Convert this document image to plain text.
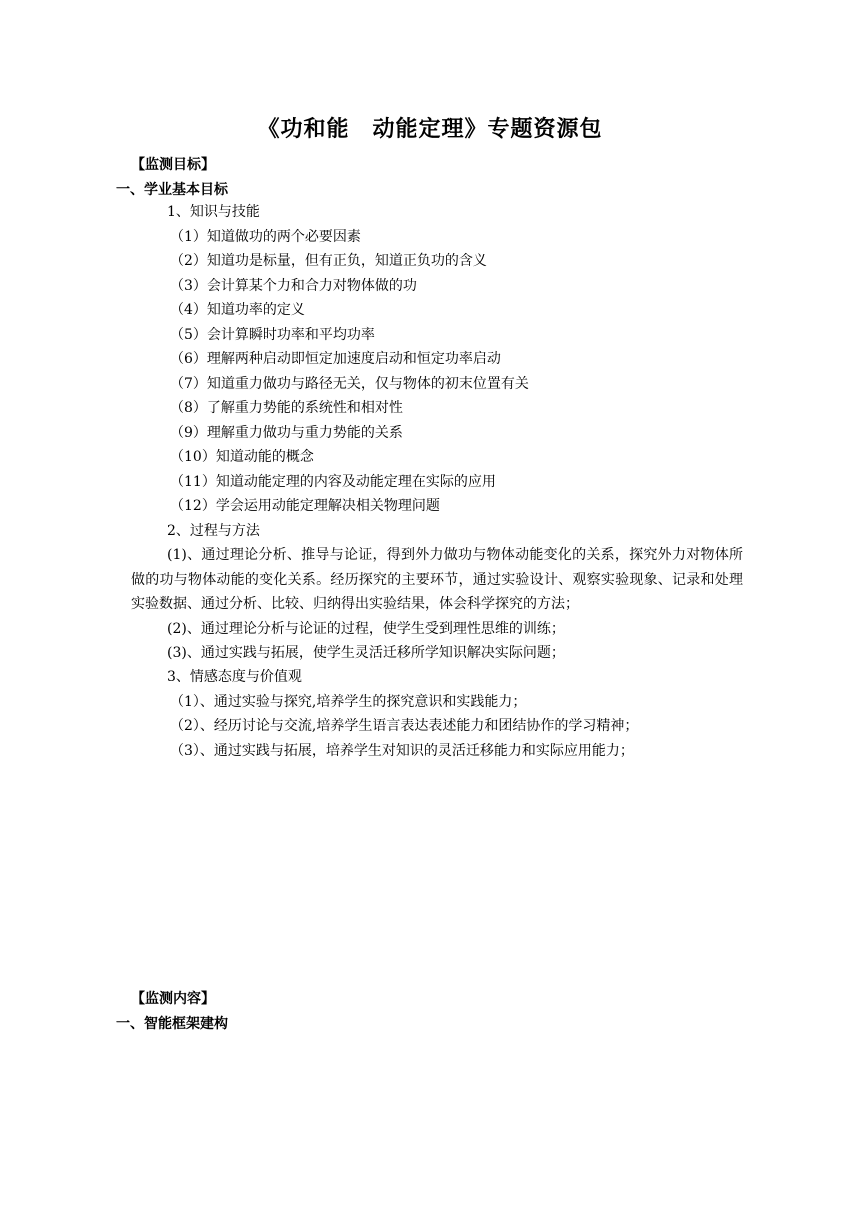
《功和能　动能定理》专题资源包
【监测目标】
一、学业基本目标
1、知识与技能
（1）知道做功的两个必要因素
（2）知道功是标量，但有正负，知道正负功的含义
（3）会计算某个力和合力对物体做的功
（4）知道功率的定义
（5）会计算瞬时功率和平均功率
（6）理解两种启动即恒定加速度启动和恒定功率启动
（7）知道重力做功与路径无关，仅与物体的初末位置有关
（8）了解重力势能的系统性和相对性
（9）理解重力做功与重力势能的关系
（10）知道动能的概念
（11）知道动能定理的内容及动能定理在实际的应用
（12）学会运用动能定理解决相关物理问题
2、过程与方法
(1)、通过理论分析、推导与论证，得到外力做功与物体动能变化的关系，探究外力对物体所做的功与物体动能的变化关系。经历探究的主要环节，通过实验设计、观察实验现象、记录和处理实验数据、通过分析、比较、归纳得出实验结果，体会科学探究的方法；
(2)、通过理论分析与论证的过程，使学生受到理性思维的训练；
(3)、通过实践与拓展，使学生灵活迁移所学知识解决实际问题；
3、情感态度与价值观
（1）、通过实验与探究,培养学生的探究意识和实践能力；
（2）、经历讨论与交流,培养学生语言表达表述能力和团结协作的学习精神；
（3）、通过实践与拓展，培养学生对知识的灵活迁移能力和实际应用能力；
【监测内容】
一、智能框架建构
